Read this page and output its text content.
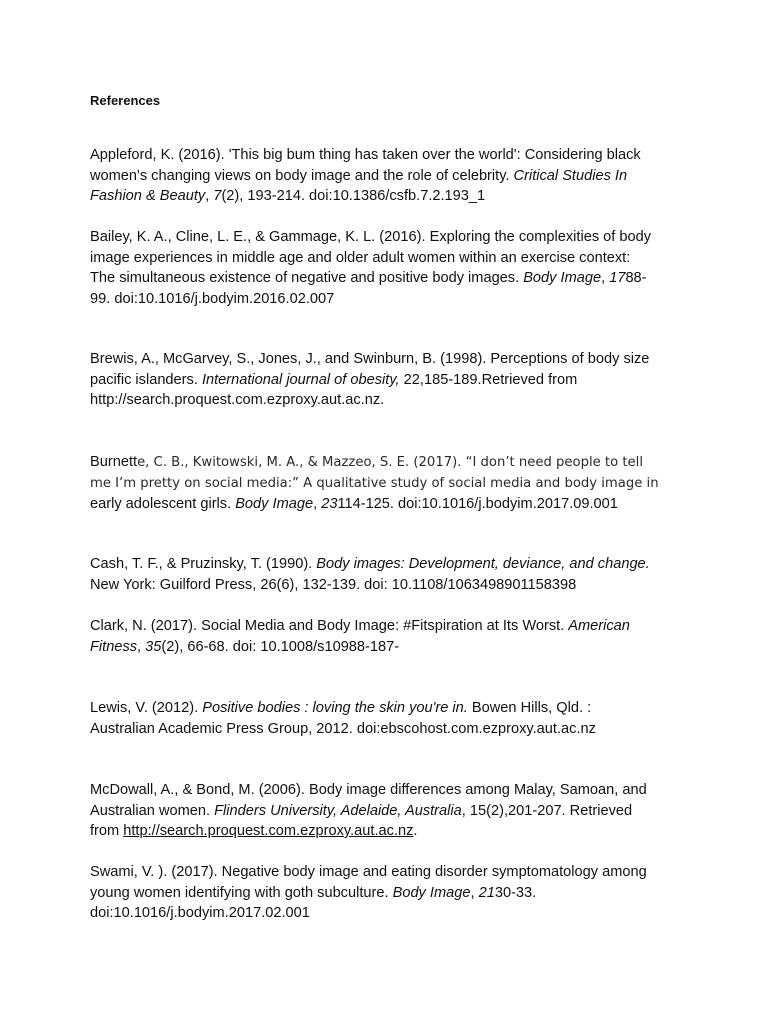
References
Appleford, K. (2016). 'This big bum thing has taken over the world': Considering black
women's changing views on body image and the role of celebrity. Critical Studies In
Fashion & Beauty, 7(2), 193-214. doi:10.1386/csfb.7.2.193_1
Bailey, K. A., Cline, L. E., & Gammage, K. L. (2016). Exploring the complexities of body
image experiences in middle age and older adult women within an exercise context:
The simultaneous existence of negative and positive body images. Body Image, 1788-
99. doi:10.1016/j.bodyim.2016.02.007
Brewis, A., McGarvey, S., Jones, J., and Swinburn, B. (1998). Perceptions of body size
pacific islanders. International journal of obesity, 22,185-189.Retrieved from
http://search.proquest.com.ezproxy.aut.ac.nz.
Burnette, C. B., Kwitowski, M. A., & Mazzeo, S. E. (2017). “I don’t need people to tell
me I’m pretty on social media:” A qualitative study of social media and body image in
early adolescent girls. Body Image, 23114-125. doi:10.1016/j.bodyim.2017.09.001
Cash, T. F., & Pruzinsky, T. (1990). Body images: Development, deviance, and change.
New York: Guilford Press, 26(6), 132-139. doi: 10.1108/1063498901158398
Clark, N. (2017). Social Media and Body Image: #Fitspiration at Its Worst. American
Fitness, 35(2), 66-68. doi: 10.1008/s10988-187-
Lewis, V. (2012). Positive bodies : loving the skin you're in. Bowen Hills, Qld. :
Australian Academic Press Group, 2012. doi:ebscohost.com.ezproxy.aut.ac.nz
McDowall, A., & Bond, M. (2006). Body image differences among Malay, Samoan, and
Australian women. Flinders University, Adelaide, Australia, 15(2),201-207. Retrieved
from http://search.proquest.com.ezproxy.aut.ac.nz.
Swami, V. ). (2017). Negative body image and eating disorder symptomatology among
young women identifying with goth subculture. Body Image, 2130-33.
doi:10.1016/j.bodyim.2017.02.001
